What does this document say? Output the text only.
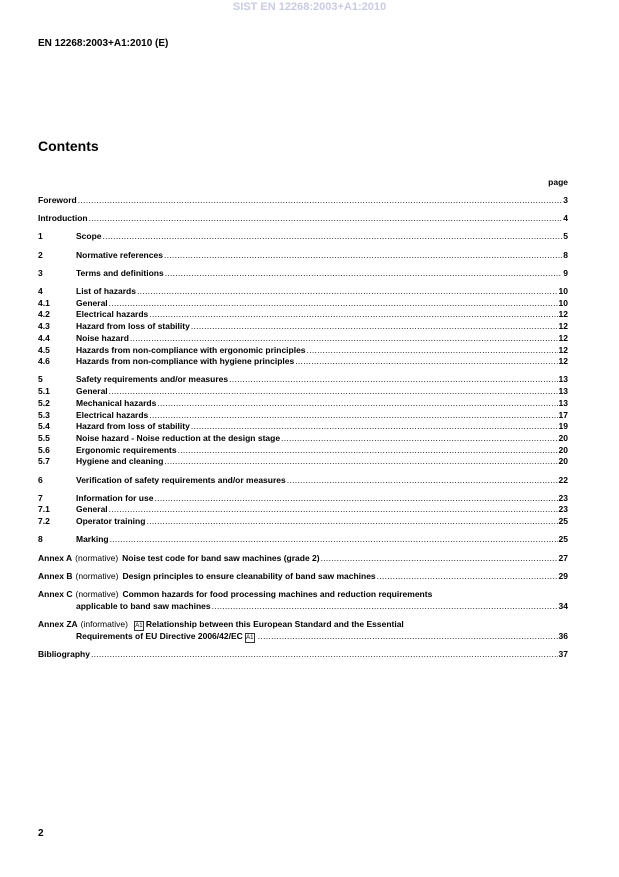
SIST EN 12268:2003+A1:2010
EN 12268:2003+A1:2010 (E)
Contents
page
Foreword .....	3
Introduction .....	4
1	Scope .....	5
2	Normative references .....	8
3	Terms and definitions .....	9
4	List of hazards .....	10
4.1	General .....	10
4.2	Electrical hazards .....	12
4.3	Hazard from loss of stability .....	12
4.4	Noise hazard .....	12
4.5	Hazards from non-compliance with ergonomic principles .....	12
4.6	Hazards from non-compliance with hygiene principles .....	12
5	Safety requirements and/or measures .....	13
5.1	General .....	13
5.2	Mechanical hazards .....	13
5.3	Electrical hazards .....	17
5.4	Hazard from loss of stability .....	19
5.5	Noise hazard - Noise reduction at the design stage .....	20
5.6	Ergonomic requirements .....	20
5.7	Hygiene and cleaning .....	20
6	Verification of safety requirements and/or measures .....	22
7	Information for use .....	23
7.1	General .....	23
7.2	Operator training .....	25
8	Marking .....	25
Annex A (normative) Noise test code for band saw machines (grade 2) .....	27
Annex B (normative) Design principles to ensure cleanability of band saw machines .....	29
Annex C (normative) Common hazards for food processing machines and reduction requirements
applicable to band saw machines .....	34
Annex ZA (informative) A1 Relationship between this European Standard and the Essential
Requirements of EU Directive 2006/42/EC A1 .....	36
Bibliography .....	37
2
